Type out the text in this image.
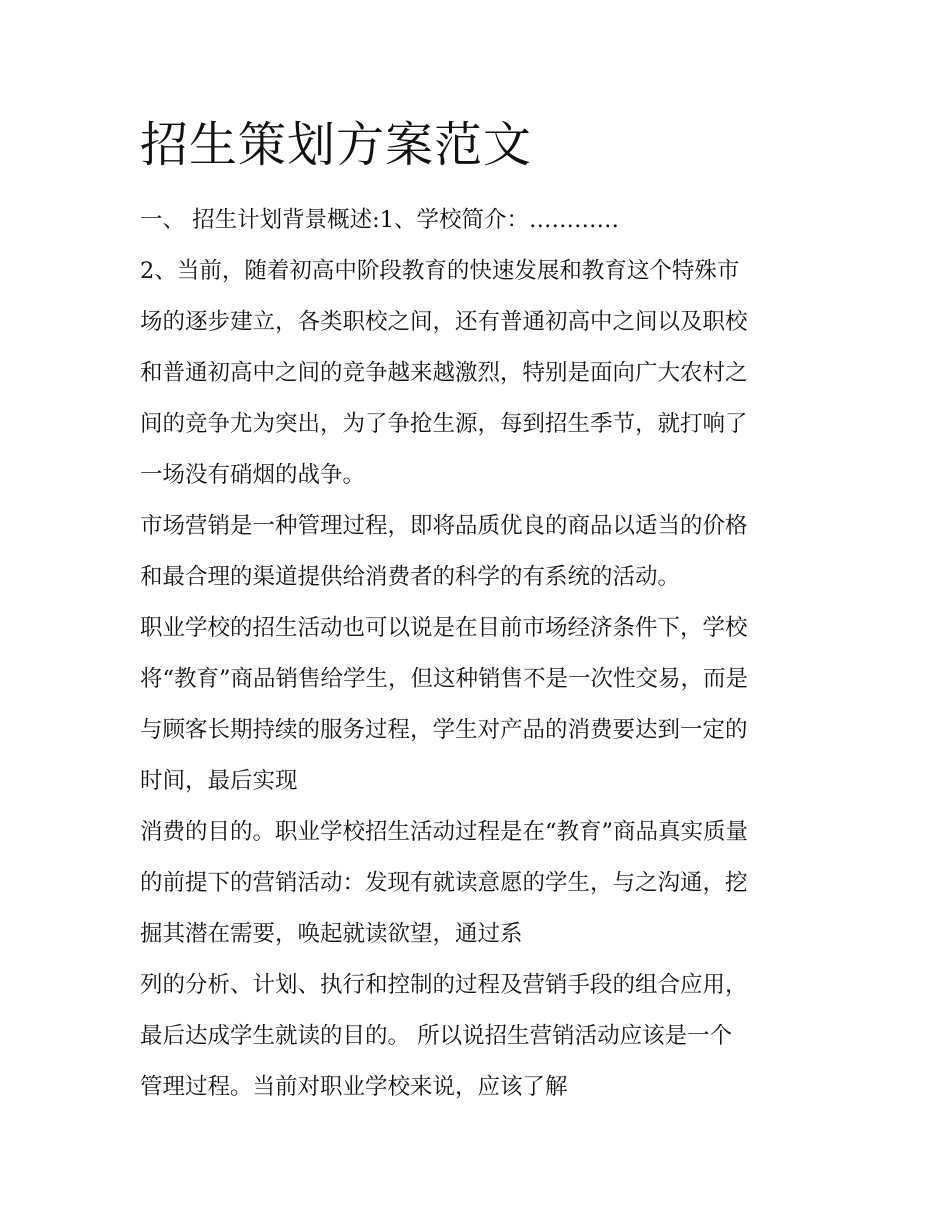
招生策划方案范文

一、 招生计划背景概述:1、学校简介：…………

2、当前，随着初高中阶段教育的快速发展和教育这个特殊市
场的逐步建立，各类职校之间，还有普通初高中之间以及职校
和普通初高中之间的竞争越来越激烈，特别是面向广大农村之
间的竞争尤为突出，为了争抢生源，每到招生季节，就打响了
一场没有硝烟的战争。

市场营销是一种管理过程，即将品质优良的商品以适当的价格
和最合理的渠道提供给消费者的科学的有系统的活动。

职业学校的招生活动也可以说是在目前市场经济条件下，学校
将“教育”商品销售给学生，但这种销售不是一次性交易，而是
与顾客长期持续的服务过程，学生对产品的消费要达到一定的
时间，最后实现

消费的目的。职业学校招生活动过程是在“教育”商品真实质量
的前提下的营销活动：发现有就读意愿的学生，与之沟通，挖
掘其潜在需要，唤起就读欲望，通过系

列的分析、计划、执行和控制的过程及营销手段的组合应用，
最后达成学生就读的目的。 所以说招生营销活动应该是一个
管理过程。当前对职业学校来说，应该了解
